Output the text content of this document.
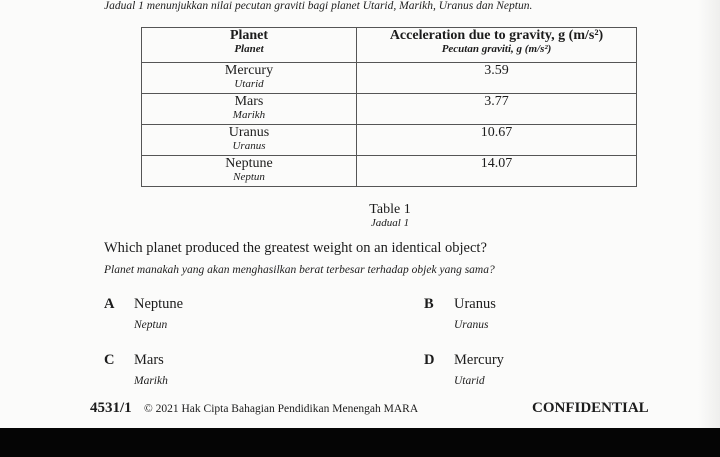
Jadual 1 menunjukkan nilai pecutan graviti bagi planet Utarid, Marikh, Uranus dan Neptun.
Planet
Planet	Acceleration due to gravity, g (m/s²)
Pecutan graviti, g (m/s²)

Mercury
Utarid	3.59

Mars
Marikh	3.77

Uranus
Uranus	10.67

Neptune
Neptun	14.07
Table 1
Jadual 1
Which planet produced the greatest weight on an identical object?
Planet manakah yang akan menghasilkan berat terbesar terhadap objek yang sama?
A Neptune
Neptun
B Uranus
Uranus
C Mars
Marikh
D Mercury
Utarid
4531/1 © 2021 Hak Cipta Bahagian Pendidikan Menengah MARA	CONFIDENTIAL
